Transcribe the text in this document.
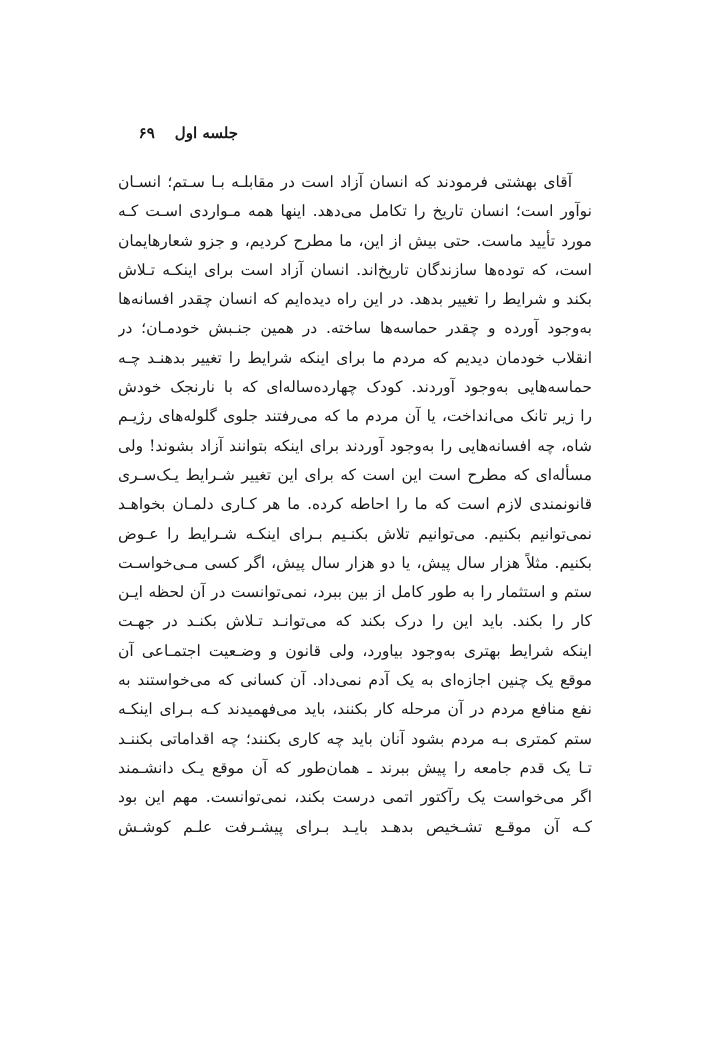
جلسه اول
۶۹
آقای بهشتی فرمودند که انسان آزاد است در مقابلـه بـا سـتم؛ انسـان
نوآور است؛ انسان تاریخ را تکامل می‌دهد. اینها همه مـواردی اسـت کـه
مورد تأیید ماست. حتی بیش از این، ما مطرح کردیم، و جزو شعارهایمان
است، که توده‌ها سازندگان تاریخ‌اند. انسان آزاد است برای اینکـه تـلاش
بکند و شرایط را تغییر بدهد. در این راه دیده‌ایم که انسان چقدر افسانه‌ها
به‌وجود آورده و چقدر حماسه‌ها ساخته. در همین جنـبش خودمـان؛ در
انقلاب خودمان دیدیم که مردم ما برای اینکه شرایط را تغییر بدهنـد چـه
حماسه‌هایی به‌وجود آوردند. کودک چهارده‌ساله‌ای که با نارنجک خودش
را زیر تانک می‌انداخت، یا آن مردم ما که می‌رفتند جلوی گلوله‌های رژیـم
شاه، چه افسانه‌هایی را به‌وجود آوردند برای اینکه بتوانند آزاد بشوند! ولی
مسأله‌ای که مطرح است این است که برای این تغییر شـرایط یـک‌سـری
قانونمندی لازم است که ما را احاطه کرده. ما هر کـاری دلمـان بخواهـد
نمی‌توانیم بکنیم. می‌توانیم تلاش بکنـیم بـرای اینکـه شـرایط را عـوض
بکنیم. مثلاً هزار سال پیش، یا دو هزار سال پیش، اگر کسی مـی‌خواسـت
ستم و استثمار را به طور کامل از بین ببرد، نمی‌توانست در آن لحظه ایـن
کار را بکند. باید این را درک بکند که می‌توانـد تـلاش بکنـد در جهـت
اینکه شرایط بهتری به‌وجود بیاورد، ولی قانون و وضـعیت اجتمـاعی آن
موقع یک چنین اجازه‌ای به یک آدم نمی‌داد. آن کسانی که می‌خواستند به
نفع منافع مردم در آن مرحله کار بکنند، باید می‌فهمیدند کـه بـرای اینکـه
ستم کمتری بـه مردم بشود آنان باید چه کاری بکنند؛ چه اقداماتی بکننـد
تـا یک قدم جامعه را پیش ببرند ـ همان‌طور که آن موقع یـک دانشـمند
اگر می‌خواست یک رآکتور اتمی درست بکند، نمی‌توانست. مهم این بود
کـه آن موقـع تشـخیص بدهـد بایـد بـرای پیشـرفت علـم کوشـش
